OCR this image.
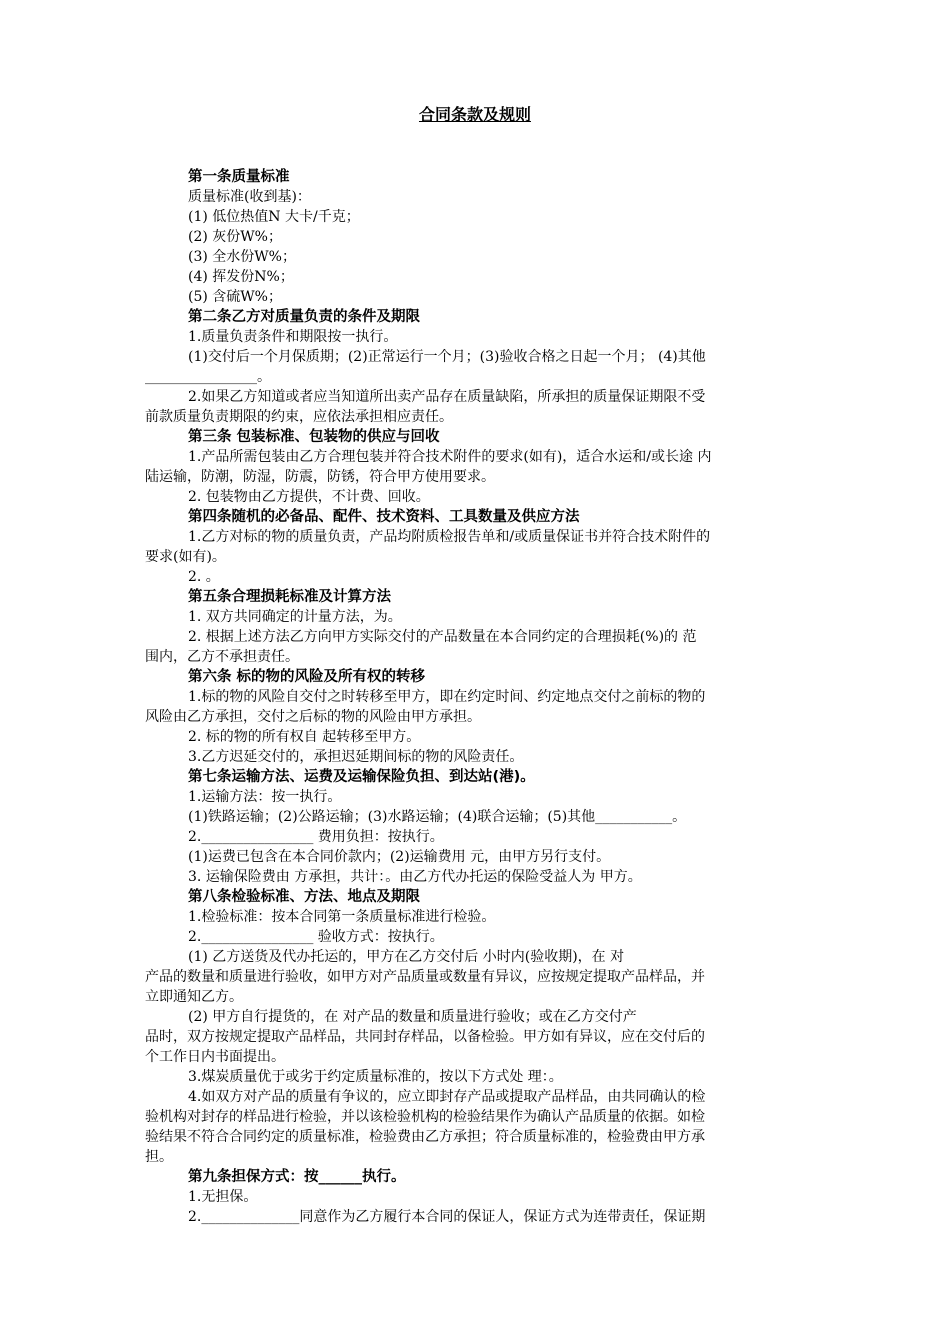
合同条款及规则
第一条质量标准
质量标准(收到基)：
(1) 低位热值N 大卡/千克；
(2) 灰份W%；
(3) 全水份W%；
(4) 挥发份N%；
(5) 含硫W%；
第二条乙方对质量负责的条件及期限
1.质量负责条件和期限按一执行。
(1)交付后一个月保质期；(2)正常运行一个月；(3)验收合格之日起一个月； (4)其他
________________。
2.如果乙方知道或者应当知道所出卖产品存在质量缺陷，所承担的质量保证期限不受
前款质量负责期限的约束，应依法承担相应责任。
第三条 包装标准、包装物的供应与回收
1.产品所需包装由乙方合理包装并符合技术附件的要求(如有)，适合水运和/或长途 内
陆运输，防潮，防湿，防震，防锈，符合甲方使用要求。
2. 包装物由乙方提供，不计费、回收。
第四条随机的必备品、配件、技术资料、工具数量及供应方法
1.乙方对标的物的质量负责，产品均附质检报告单和/或质量保证书并符合技术附件的
要求(如有)。
2. 。
第五条合理损耗标准及计算方法
1. 双方共同确定的计量方法，为。
2. 根据上述方法乙方向甲方实际交付的产品数量在本合同约定的合理损耗(%)的 范
围内，乙方不承担责任。
第六条 标的物的风险及所有权的转移
1.标的物的风险自交付之时转移至甲方，即在约定时间、约定地点交付之前标的物的
风险由乙方承担，交付之后标的物的风险由甲方承担。
2. 标的物的所有权自 起转移至甲方。
3.乙方迟延交付的，承担迟延期间标的物的风险责任。
第七条运输方法、运费及运输保险负担、到达站(港)。
1.运输方法：按一执行。
(1)铁路运输；(2)公路运输；(3)水路运输；(4)联合运输；(5)其他___________。
2.________________ 费用负担：按执行。
(1)运费已包含在本合同价款内；(2)运输费用 元，由甲方另行支付。
3. 运输保险费由 方承担，共计：。由乙方代办托运的保险受益人为 甲方。
第八条检验标准、方法、地点及期限
1.检验标准：按本合同第一条质量标准进行检验。
2.________________ 验收方式：按执行。
(1) 乙方送货及代办托运的，甲方在乙方交付后 小时内(验收期)，在 对
产品的数量和质量进行验收，如甲方对产品质量或数量有异议，应按规定提取产品样品，并
立即通知乙方。
(2) 甲方自行提货的，在 对产品的数量和质量进行验收；或在乙方交付产
品时，双方按规定提取产品样品，共同封存样品，以备检验。甲方如有异议，应在交付后的
个工作日内书面提出。
3.煤炭质量优于或劣于约定质量标准的，按以下方式处 理：。
4.如双方对产品的质量有争议的，应立即封存产品或提取产品样品，由共同确认的检
验机构对封存的样品进行检验，并以该检验机构的检验结果作为确认产品质量的依据。如检
验结果不符合合同约定的质量标准，检验费由乙方承担；符合质量标准的，检验费由甲方承
担。
第九条担保方式：按______执行。
1.无担保。
2.______________同意作为乙方履行本合同的保证人，保证方式为连带责任，保证期
